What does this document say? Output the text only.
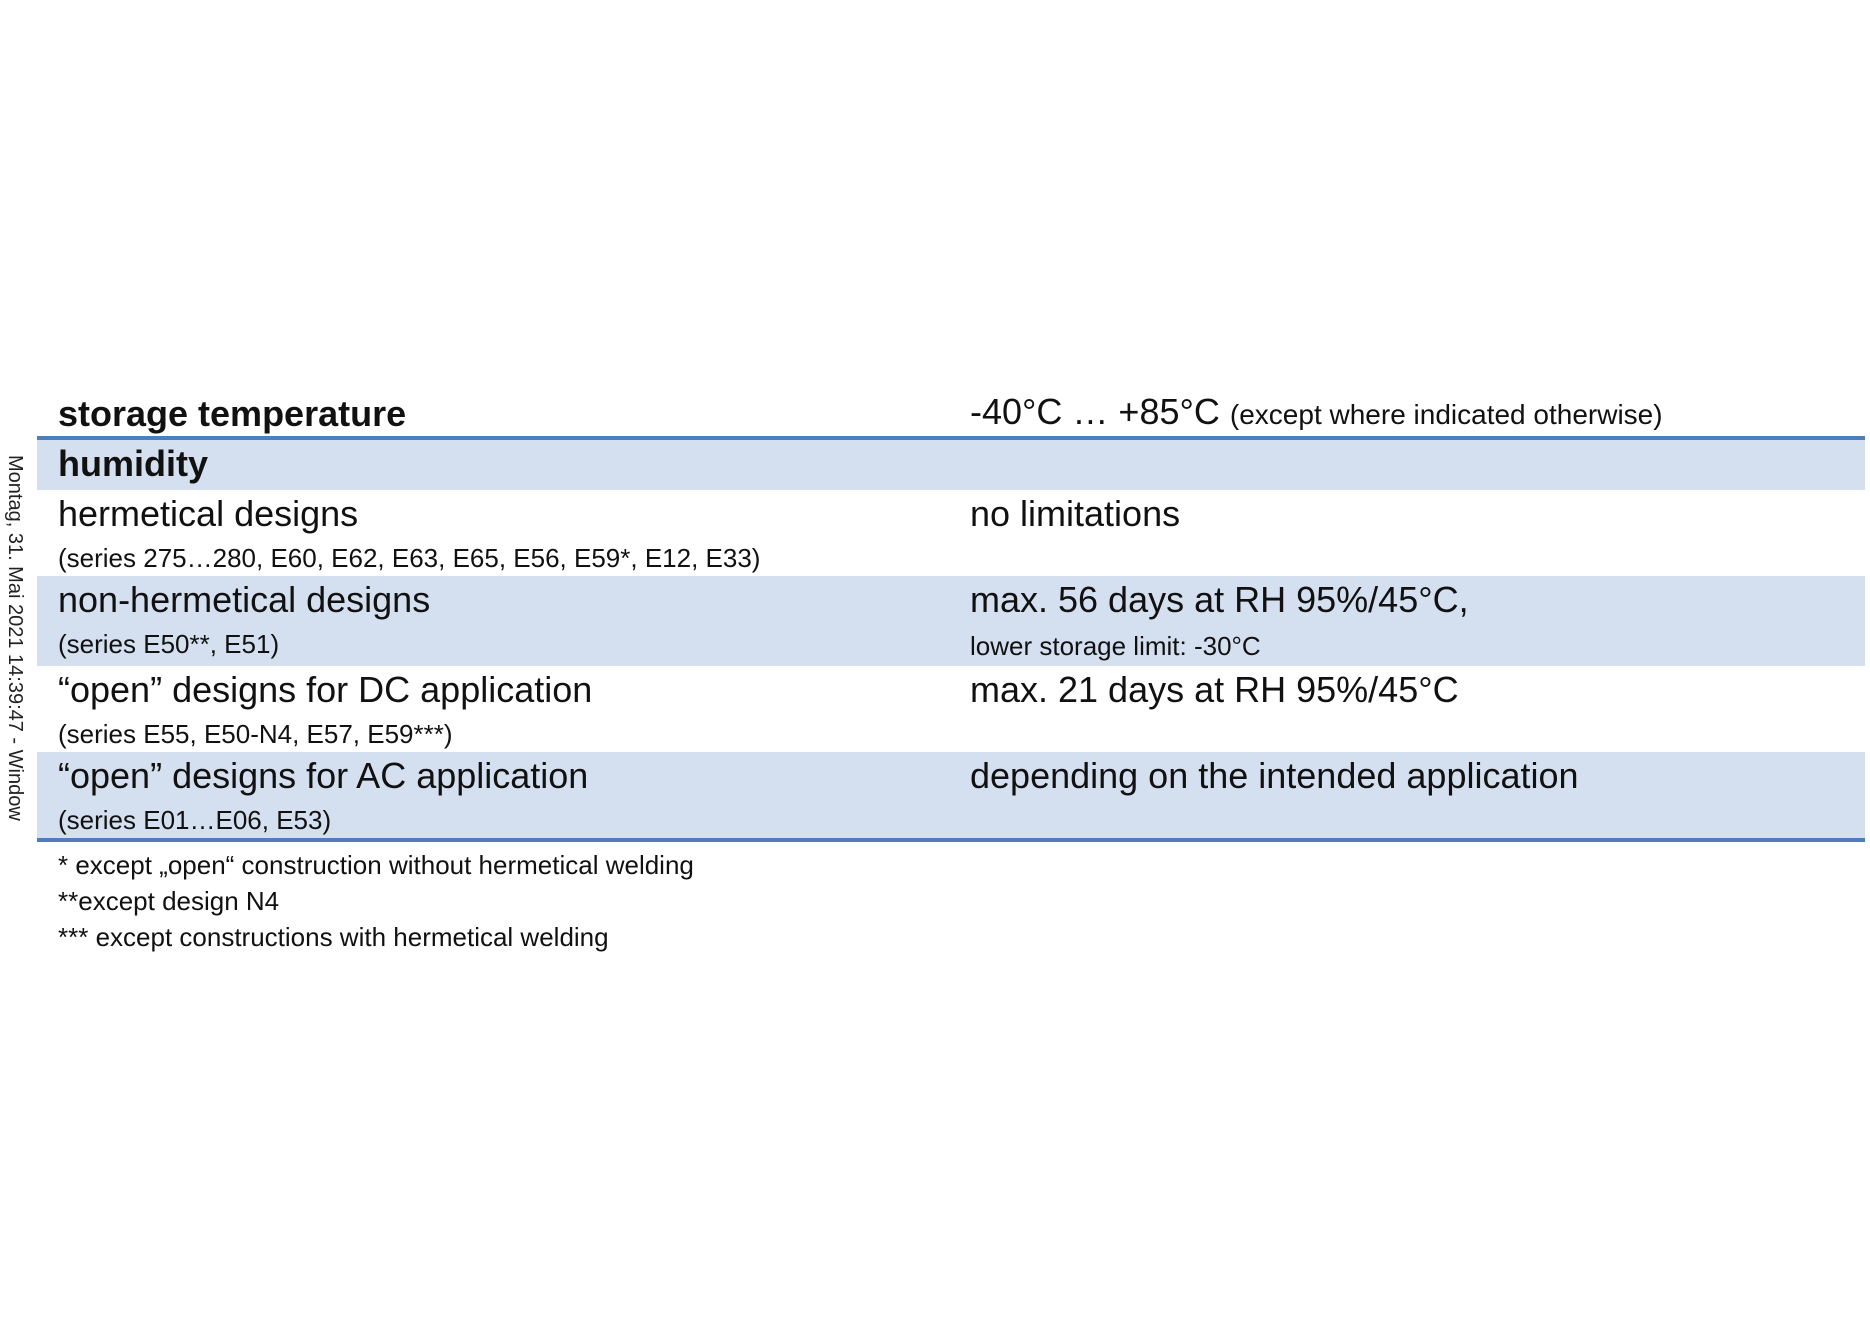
Montag, 31. Mai 2021 14:39:47 - Window
storage temperature	-40°C … +85°C (except where indicated otherwise)
humidity
hermetical designs
(series 275…280, E60, E62, E63, E65, E56, E59*, E12, E33)
no limitations
non-hermetical designs
(series E50**, E51)
max. 56 days at RH 95%/45°C,
lower storage limit: -30°C
“open” designs for DC application
(series E55, E50-N4, E57, E59***)
max. 21 days at RH 95%/45°C
“open” designs for AC application
(series E01…E06, E53)
depending on the intended application
* except „open“ construction without hermetical welding
**except design N4
*** except constructions with hermetical welding
